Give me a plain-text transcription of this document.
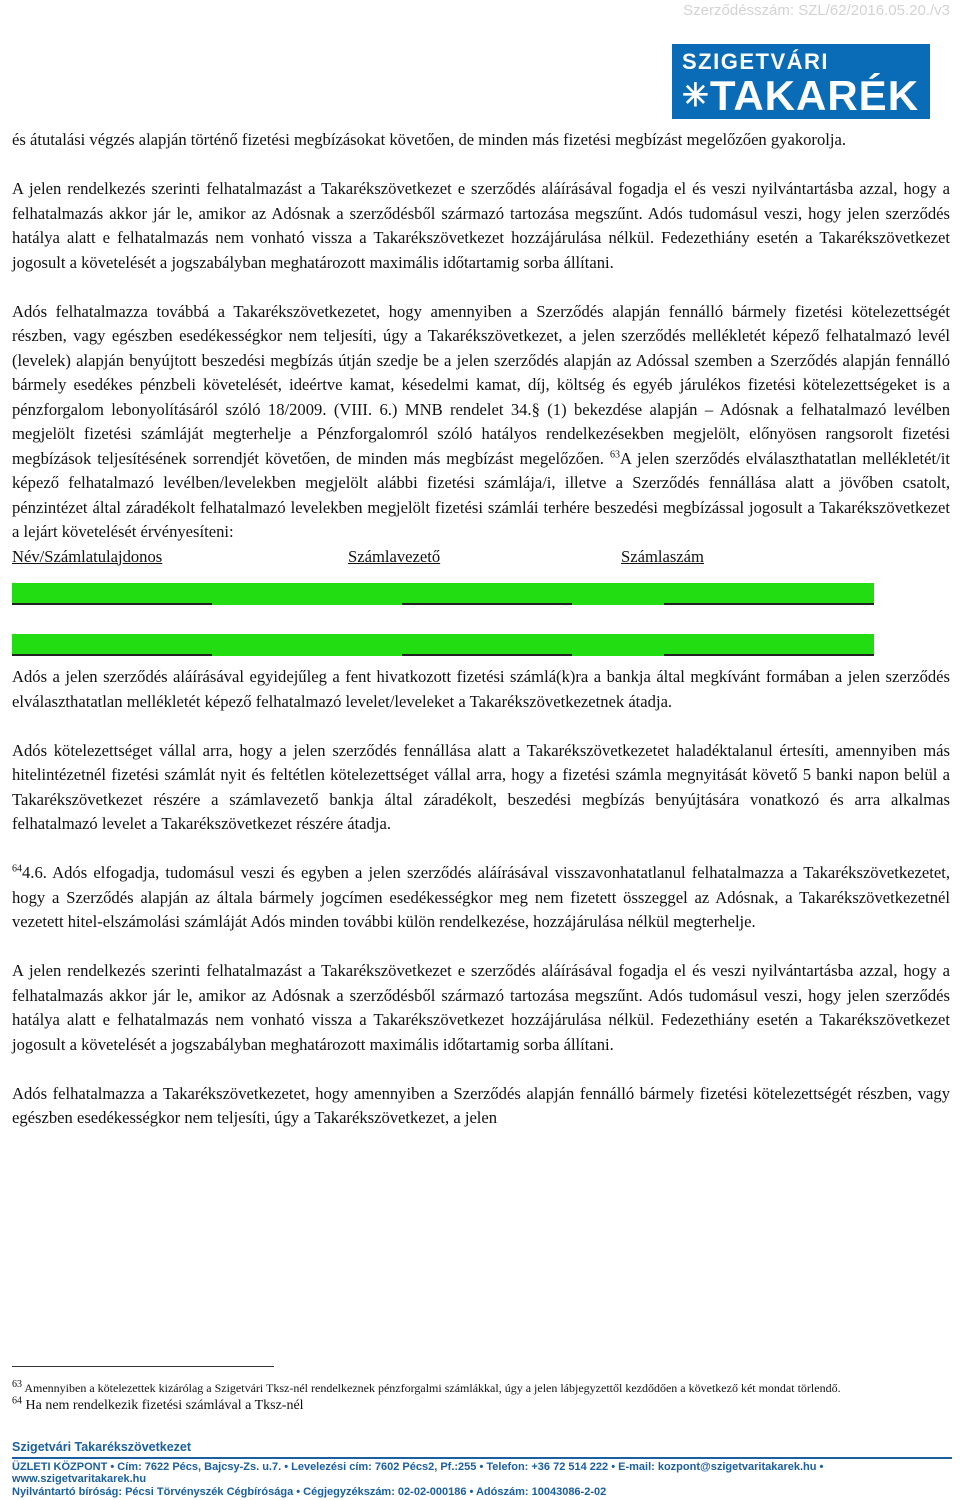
Szerződésszám: SZL/62/2016.05.20./v3
SZIGETVÁRI
✳TAKARÉK

és átutalási végzés alapján történő fizetési megbízásokat követően, de minden más fizetési megbízást megelőzően gyakorolja.

A jelen rendelkezés szerinti felhatalmazást a Takarékszövetkezet e szerződés aláírásával fogadja el és veszi nyilvántartásba azzal, hogy a felhatalmazás akkor jár le, amikor az Adósnak a szerződésből származó tartozása megszűnt. Adós tudomásul veszi, hogy jelen szerződés hatálya alatt e felhatalmazás nem vonható vissza a Takarékszövetkezet hozzájárulása nélkül. Fedezethiány esetén a Takarékszövetkezet jogosult a követelését a jogszabályban meghatározott maximális időtartamig sorba állítani.

Adós felhatalmazza továbbá a Takarékszövetkezetet, hogy amennyiben a Szerződés alapján fennálló bármely fizetési kötelezettségét részben, vagy egészben esedékességkor nem teljesíti, úgy a Takarékszövetkezet, a jelen szerződés mellékletét képező felhatalmazó levél (levelek) alapján benyújtott beszedési megbízás útján szedje be a jelen szerződés alapján az Adóssal szemben a Szerződés alapján fennálló bármely esedékes pénzbeli követelését, ideértve kamat, késedelmi kamat, díj, költség és egyéb járulékos fizetési kötelezettségeket is a pénzforgalom lebonyolításáról szóló 18/2009. (VIII. 6.) MNB rendelet 34.§ (1) bekezdése alapján – Adósnak a felhatalmazó levélben megjelölt fizetési számláját megterhelje a Pénzforgalomról szóló hatályos rendelkezésekben megjelölt, előnyösen rangsorolt fizetési megbízások teljesítésének sorrendjét követően, de minden más megbízást megelőzően. $^{63}$A jelen szerződés elválaszthatatlan mellékletét/it képező felhatalmazó levélben/levelekben megjelölt alábbi fizetési számlája/i, illetve a Szerződés fennállása alatt a jövőben csatolt, pénzintézet által záradékolt felhatalmazó levelekben megjelölt fizetési számlái terhére beszedési megbízással jogosult a Takarékszövetkezet a lejárt követelését érvényesíteni:

Név/Számlatulajdonos	Számlavezető	Számlaszám

Adós a jelen szerződés aláírásával egyidejűleg a fent hivatkozott fizetési számlá(k)ra a bankja által megkívánt formában a jelen szerződés elválaszthatatlan mellékletét képező felhatalmazó levelet/leveleket a Takarékszövetkezetnek átadja.

Adós kötelezettséget vállal arra, hogy a jelen szerződés fennállása alatt a Takarékszövetkezetet haladéktalanul értesíti, amennyiben más hitelintézetnél fizetési számlát nyit és feltétlen kötelezettséget vállal arra, hogy a fizetési számla megnyitását követő 5 banki napon belül a Takarékszövetkezet részére a számlavezető bankja által záradékolt, beszedési megbízás benyújtására vonatkozó és arra alkalmas felhatalmazó levelet a Takarékszövetkezet részére átadja.

$^{64}$4.6. Adós elfogadja, tudomásul veszi és egyben a jelen szerződés aláírásával visszavonhatatlanul felhatalmazza a Takarékszövetkezetet, hogy a Szerződés alapján az általa bármely jogcímen esedékességkor meg nem fizetett összeggel az Adósnak, a Takarékszövetkezetnél vezetett hitel-elszámolási számláját Adós minden további külön rendelkezése, hozzájárulása nélkül megterhelje.

A jelen rendelkezés szerinti felhatalmazást a Takarékszövetkezet e szerződés aláírásával fogadja el és veszi nyilvántartásba azzal, hogy a felhatalmazás akkor jár le, amikor az Adósnak a szerződésből származó tartozása megszűnt. Adós tudomásul veszi, hogy jelen szerződés hatálya alatt e felhatalmazás nem vonható vissza a Takarékszövetkezet hozzájárulása nélkül. Fedezethiány esetén a Takarékszövetkezet jogosult a követelését a jogszabályban meghatározott maximális időtartamig sorba állítani.

Adós felhatalmazza a Takarékszövetkezetet, hogy amennyiben a Szerződés alapján fennálló bármely fizetési kötelezettségét részben, vagy egészben esedékességkor nem teljesíti, úgy a Takarékszövetkezet, a jelen

$^{63}$ Amennyiben a kötelezettek kizárólag a Szigetvári Tksz-nél rendelkeznek pénzforgalmi számlákkal, úgy a jelen lábjegyzettől kezdődően a következő két mondat törlendő.
$^{64}$ Ha nem rendelkezik fizetési számlával a Tksz-nél
Szigetvári Takarékszövetkezet
ÜZLETI KÖZPONT • Cím: 7622 Pécs, Bajcsy-Zs. u.7. • Levelezési cím: 7602 Pécs2, Pf.:255 • Telefon: +36 72 514 222 • E-mail: kozpont@szigetvaritakarek.hu • www.szigetvaritakarek.hu
Nyilvántartó bíróság: Pécsi Törvényszék Cégbírósága • Cégjegyzékszám: 02-02-000186 • Adószám: 10043086-2-02
